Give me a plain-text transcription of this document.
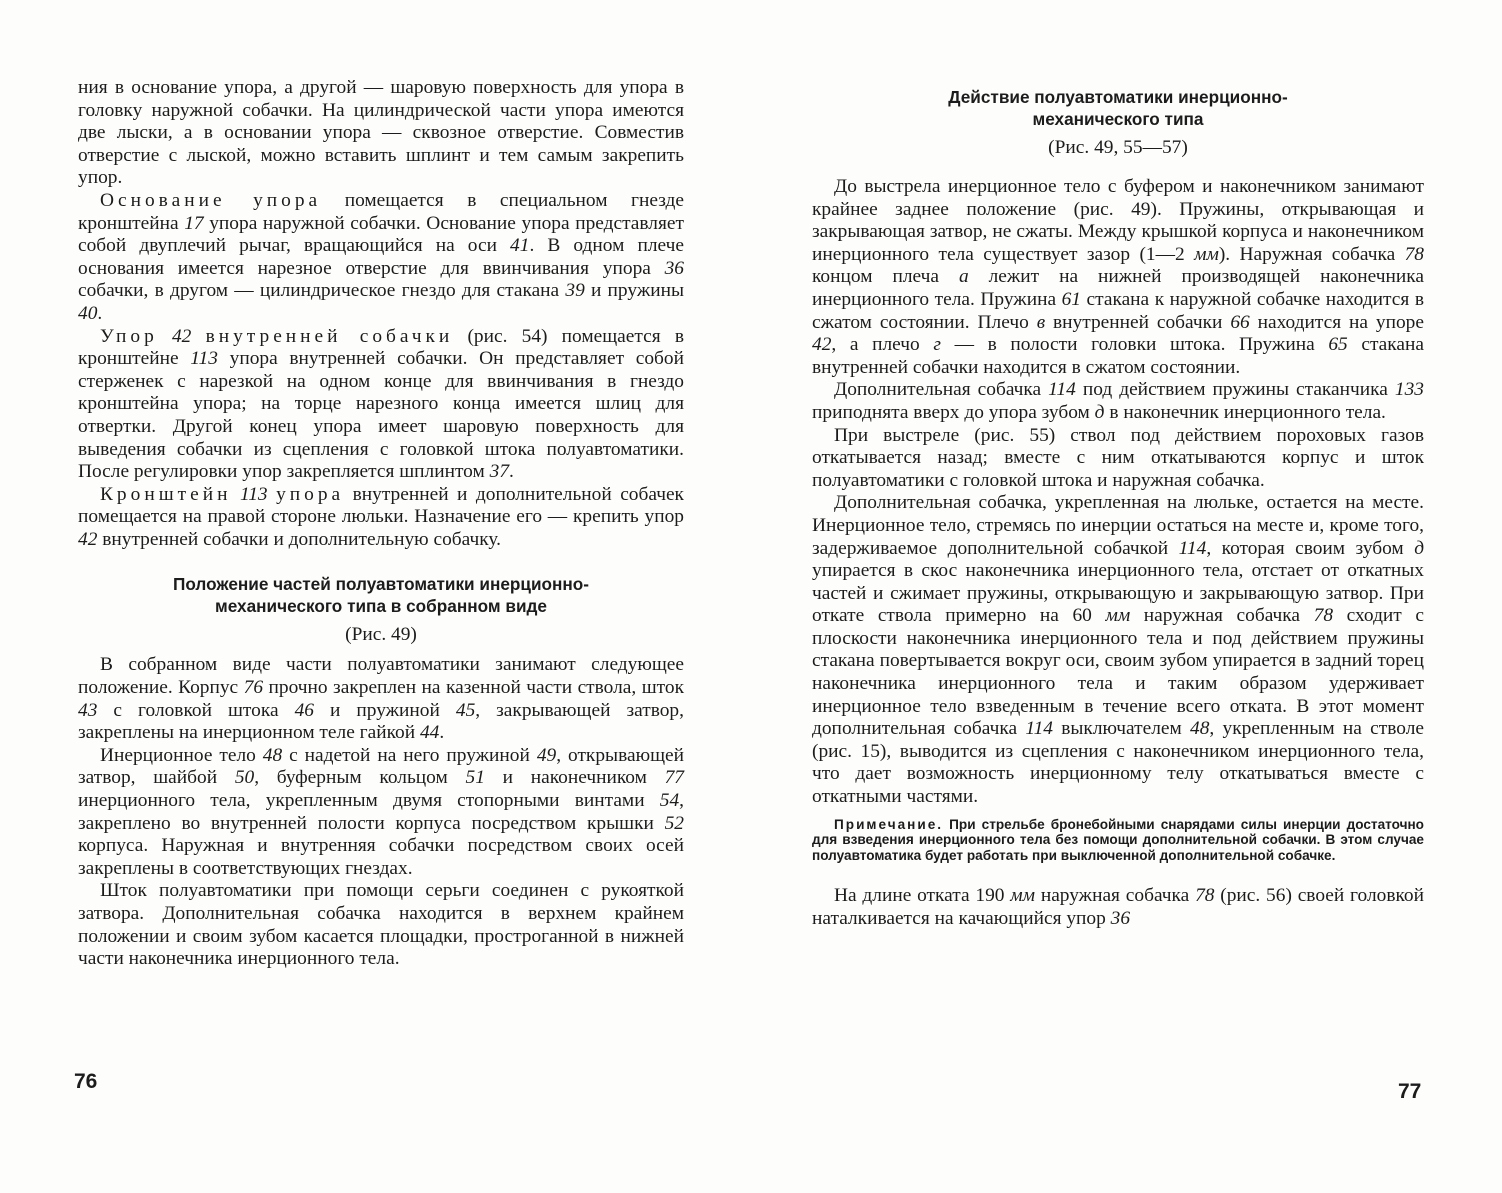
ния в основание упора, а другой — шаровую поверхность для упора в головку наружной собачки. На цилиндрической части упора имеются две лыски, а в основании упора — сквозное отверстие. Совместив отверстие с лыской, можно вставить шплинт и тем самым закрепить упор.

Основание упора помещается в специальном гнезде кронштейна 17 упора наружной собачки. Основание упора представляет собой двуплечий рычаг, вращающийся на оси 41. В одном плече основания имеется нарезное отверстие для ввинчивания упора 36 собачки, в другом — цилиндрическое гнездо для стакана 39 и пружины 40.

Упор 42 внутренней собачки (рис. 54) помещается в кронштейне 113 упора внутренней собачки. Он представляет собой стерженек с нарезкой на одном конце для ввинчивания в гнездо кронштейна упора; на торце нарезного конца имеется шлиц для отвертки. Другой конец упора имеет шаровую поверхность для выведения собачки из сцепления с головкой штока полуавтоматики. После регулировки упор закрепляется шплинтом 37.

Кронштейн 113 упора внутренней и дополнительной собачек помещается на правой стороне люльки. Назначение его — крепить упор 42 внутренней собачки и дополнительную собачку.

Положение частей полуавтоматики инерционно-механического типа в собранном виде

(Рис. 49)

В собранном виде части полуавтоматики занимают следующее положение. Корпус 76 прочно закреплен на казенной части ствола, шток 43 с головкой штока 46 и пружиной 45, закрывающей затвор, закреплены на инерционном теле гайкой 44.

Инерционное тело 48 с надетой на него пружиной 49, открывающей затвор, шайбой 50, буферным кольцом 51 и наконечником 77 инерционного тела, укрепленным двумя стопорными винтами 54, закреплено во внутренней полости корпуса посредством крышки 52 корпуса. Наружная и внутренняя собачки посредством своих осей закреплены в соответствующих гнездах.

Шток полуавтоматики при помощи серьги соединен с рукояткой затвора. Дополнительная собачка находится в верхнем крайнем положении и своим зубом касается площадки, прострoганной в нижней части наконечника инерционного тела.

76

Действие полуавтоматики инерционно-механического типа

(Рис. 49, 55—57)

До выстрела инерционное тело с буфером и наконечником занимают крайнее заднее положение (рис. 49). Пружины, открывающая и закрывающая затвор, не сжаты. Между крышкой корпуса и наконечником инерционного тела существует зазор (1—2 мм). Наружная собачка 78 концом плеча а лежит на нижней производящей наконечника инерционного тела. Пружина 61 стакана к наружной собачке находится в сжатом состоянии. Плечо в внутренней собачки 66 находится на упоре 42, а плечо г — в полости головки штока. Пружина 65 стакана внутренней собачки находится в сжатом состоянии.

Дополнительная собачка 114 под действием пружины стаканчика 133 приподнята вверх до упора зубом д в наконечник инерционного тела.

При выстреле (рис. 55) ствол под действием пороховых газов откатывается назад; вместе с ним откатываются корпус и шток полуавтоматики с головкой штока и наружная собачка.

Дополнительная собачка, укрепленная на люльке, остается на месте. Инерционное тело, стремясь по инерции остаться на месте и, кроме того, задерживаемое дополнительной собачкой 114, которая своим зубом д упирается в скос наконечника инерционного тела, отстает от откатных частей и сжимает пружины, открывающую и закрывающую затвор. При откате ствола примерно на 60 мм наружная собачка 78 сходит с плоскости наконечника инерционного тела и под действием пружины стакана повертывается вокруг оси, своим зубом упирается в задний торец наконечника инерционного тела и таким образом удерживает инерционное тело взведенным в течение всего отката. В этот момент дополнительная собачка 114 выключателем 48, укрепленным на стволе (рис. 15), выводится из сцепления с наконечником инерционного тела, что дает возможность инерционному телу откатываться вместе с откатными частями.

Примечание. При стрельбе бронебойными снарядами силы инерции достаточно для взведения инерционного тела без помощи дополнительной собачки. В этом случае полуавтоматика будет работать при выключенной дополнительной собачке.

На длине отката 190 мм наружная собачка 78 (рис. 56) своей головкой наталкивается на качающийся упор 36

77
